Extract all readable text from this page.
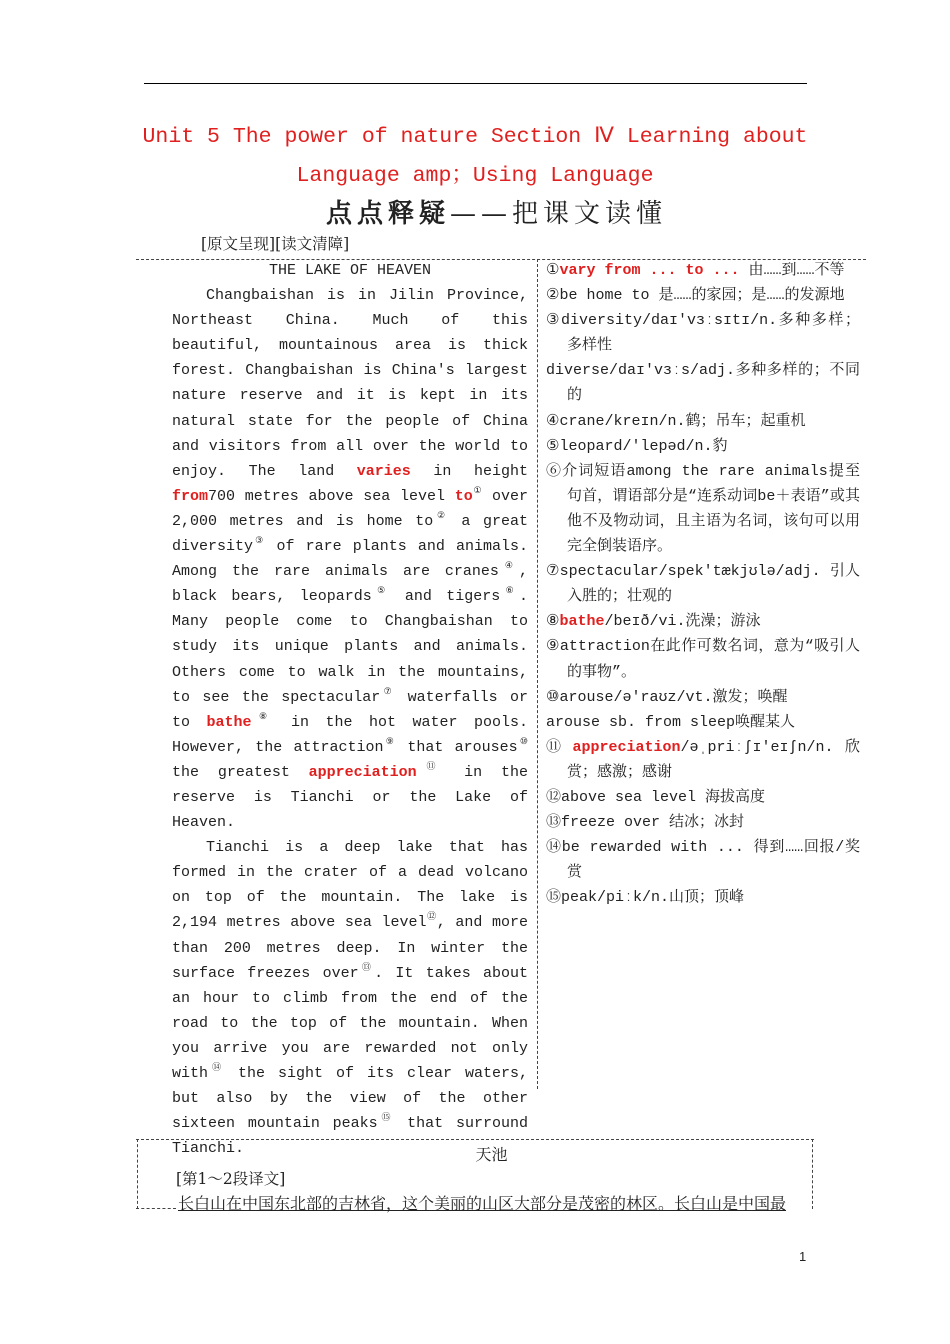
Unit 5 The power of nature Section Ⅳ Learning about
Language amp；Using Language
点点释疑——把课文读懂
[原文呈现][读文清障]
THE LAKE OF HEAVEN

Changbaishan is in Jilin Province, Northeast China. Much of this beautiful, mountainous area is thick forest. Changbaishan is China's largest nature reserve and it is kept in its natural state for the people of China and visitors from all over the world to enjoy. The land varies in height from700 metres above sea level to① over 2,000 metres and is home to② a great diversity③ of rare plants and animals. Among the rare animals are cranes④, black bears, leopards⑤ and tigers⑥. Many people come to Changbaishan to study its unique plants and animals. Others come to walk in the mountains, to see the spectacular⑦ waterfalls or to bathe⑧ in the hot water pools. However, the attraction⑨ that arouses⑩ the greatest appreciation⑪ in the reserve is Tianchi or the Lake of Heaven.

Tianchi is a deep lake that has formed in the crater of a dead volcano on top of the mountain. The lake is 2,194 metres above sea level⑫, and more than 200 metres deep. In winter the surface freezes over⑬. It takes about an hour to climb from the end of the road to the top of the mountain. When you arrive you are rewarded not only with⑭ the sight of its clear waters, but also by the view of the other sixteen mountain peaks⑮ that surround Tianchi.

①vary from ... to ... 由……到……不等
②be home to 是……的家园；是……的发源地
③diversity/daɪ'vɜːsɪtɪ/n.多种多样；多样性
diverse/daɪ'vɜːs/adj.多种多样的；不同的
④crane/kreɪn/n.鹤；吊车；起重机
⑤leopard/'lepəd/n.豹
⑥介词短语among the rare animals提至句首，谓语部分是“连系动词be＋表语”或其他不及物动词，且主语为名词，该句可以用完全倒装语序。
⑦spectacular/spek'tækjʊlə/adj. 引人入胜的；壮观的
⑧bathe/beɪð/vi.洗澡；游泳
⑨attraction在此作可数名词，意为“吸引人的事物”。
⑩arouse/ə'raʊz/vt.激发；唤醒
arouse sb. from sleep唤醒某人
⑪appreciation/əˌpriːʃɪ'eɪʃn/n.欣赏；感激；感谢
⑫above sea level 海拔高度
⑬freeze over 结冰；冰封
⑭be rewarded with ... 得到……回报/奖赏
⑮peak/piːk/n.山顶；顶峰
天池
[第1～2段译文]
长白山在中国东北部的吉林省，这个美丽的山区大部分是茂密的林区。长白山是中国最
1
